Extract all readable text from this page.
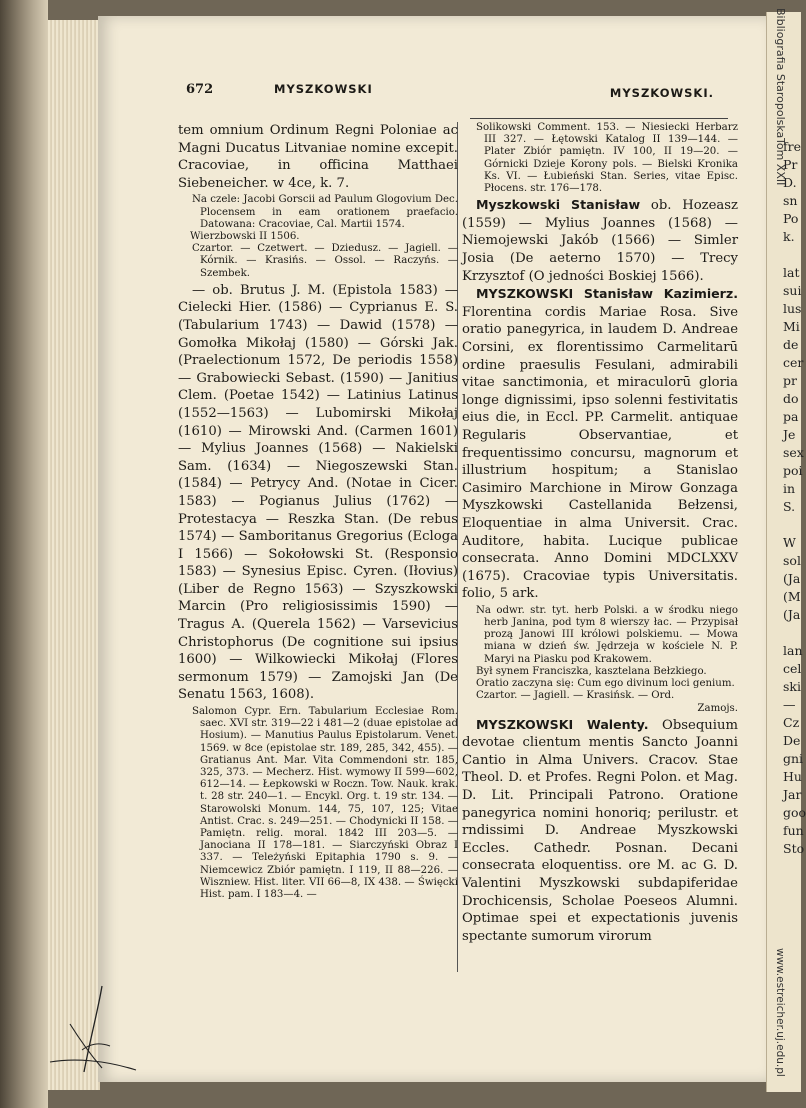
fre
Pr
D.
sn
Po
k.
lat
sui
lus
Mi
de
cer
pr
do
pa
Je
sex
poi
in
S.
W
sol
(Ja
(M
(Ja
lan
cel
ski
—
Cz
De
gni
Hu
Jar
goo
fun
Sto
Bibliografia Staropolska
Tom XXII
www.estreicher.uj.edu.pl
672	MYSZKOWSKI	MYSZKOWSKI.

tem omnium Ordinum Regni Poloniae ac Magni Ducatus Litvaniae nomine excepit. Cracoviae, in officina Matthaei Siebeneicher. w 4ce, k. 7.

Na czele: Jacobi Gorscii ad Paulum Glogovium Dec. Plocensem in eam orationem praefacio. Datowana: Cracoviae, Cal. Martii 1574.

Wierzbowski II 1506.

Czartor. — Czetwert. — Dziedusz. — Jagiell. — Kórnik. — Krasińs. — Ossol. — Raczyńs. — Szembek.

— ob. Brutus J. M. (Epistola 1583) — Cielecki Hier. (1586) — Cyprianus E. S. (Tabularium 1743) — Dawid (1578) — Gomołka Mikołaj (1580) — Górski Jak. (Praelectionum 1572, De periodis 1558) — Grabowiecki Sebast. (1590) — Janitius Clem. (Poetae 1542) — Latinius Latinus (1552—1563) — Lubomirski Mikołaj (1610) — Mirowski And. (Carmen 1601) — Mylius Joannes (1568) — Nakielski Sam. (1634) — Niegoszewski Stan. (1584) — Petrycy And. (Notae in Cicer. 1583) — Pogianus Julius (1762) — Protestacya — Reszka Stan. (De rebus 1574) — Samboritanus Gregorius (Ecloga I 1566) — Sokołowski St. (Responsio 1583) — Synesius Episc. Cyren. (Iłovius) (Liber de Regno 1563) — Szyszkowski Marcin (Pro religiosissimis 1590) — Tragus A. (Querela 1562) — Varsevicius Christophorus (De cognitione sui ipsius 1600) — Wilkowiecki Mikołaj (Flores sermonum 1579) — Zamojski Jan (De Senatu 1563, 1608).

Salomon Cypr. Ern. Tabularium Ecclesiae Rom. saec. XVI str. 319—22 i 481—2 (duae epistolae ad Hosium). — Manutius Paulus Epistolarum. Venet. 1569. w 8ce (epistolae str. 189, 285, 342, 455). — Gratianus Ant. Mar. Vita Commendoni str. 185, 325, 373. — Mecherz. Hist. wymowy II 599—602, 612—14. — Łepkowski w Roczn. Tow. Nauk. krak. t. 28 str. 240—1. — Encykl. Org. t. 19 str. 134. — Starowolski Monum. 144, 75, 107, 125; Vitae Antist. Crac. s. 249—251. — Chodynicki II 158. — Pamiętn. relig. moral. 1842 III 203—5. — Janociana II 178—181. — Siarczyński Obraz I 337. — Teleżyński Epitaphia 1790 s. 9. — Niemcewicz Zbiór pamiętn. I 119, II 88—226. — Wiszniew. Hist. liter. VII 66—8, IX 438. — Święcki Hist. pam. I 183—4. —

Solikowski Comment. 153. — Niesiecki Herbarz III 327. — Łętowski Katalog II 139—144. — Plater Zbiór pamiętn. IV 100, II 19—20. — Górnicki Dzieje Korony pols. — Bielski Kronika Ks. VI. — Łubieński Stan. Series, vitae Episc. Płocens. str. 176—178.

Myszkowski Stanisław ob. Hozeasz (1559) — Mylius Joannes (1568) — Niemojewski Jakób (1566) — Simler Josia (De aeterno 1570) — Trecy Krzysztof (O jedności Boskiej 1566).

MYSZKOWSKI Stanisław Kazimierz. Florentina cordis Mariae Rosa. Sive oratio panegyrica, in laudem D. Andreae Corsini, ex florentissimo Carmelitarū ordine praesulis Fesulani, admirabili vitae sanctimonia, et miraculorū gloria longe dignissimi, ipso solenni festivitatis eius die, in Eccl. PP. Carmelit. antiquae Regularis Observantiae, et frequentissimo concursu, magnorum et illustrium hospitum; a Stanislao Casimiro Marchione in Mirow Gonzaga Myszkowski Castellanida Bełzensi, Eloquentiae in alma Universit. Crac. Auditore, habita. Lucique publicae consecrata. Anno Domini MDCLXXV (1675). Cracoviae typis Universitatis. folio, 5 ark.

Na odwr. str. tyt. herb Polski. a w środku niego herb Janina, pod tym 8 wierszy łac. — Przypisał prozą Janowi III królowi polskiemu. — Mowa miana w dzień św. Jędrzeja w kościele N. P. Maryi na Piasku pod Krakowem.

Był synem Franciszka, kasztelana Bełzkiego.

Oratio zaczyna się: Cum ego divinum loci genium.

Czartor. — Jagiell. — Krasińsk. — Ord.

Zamojs.

MYSZKOWSKI Walenty. Obsequium devotae clientum mentis Sancto Joanni Cantio in Alma Univers. Cracov. Stae Theol. D. et Profes. Regni Polon. et Mag. D. Lit. Principali Patrono. Oratione panegyrica nomini honoriq; perilustr. et rndissimi D. Andreae Myszkowski Eccles. Cathedr. Posnan. Decani consecrata eloquentiss. ore M. ac G. D. Valentini Myszkowski subdapiferidae Drochicensis, Scholae Poeseos Alumni. Optimae spei et expectationis juvenis spectante sumorum virorum
